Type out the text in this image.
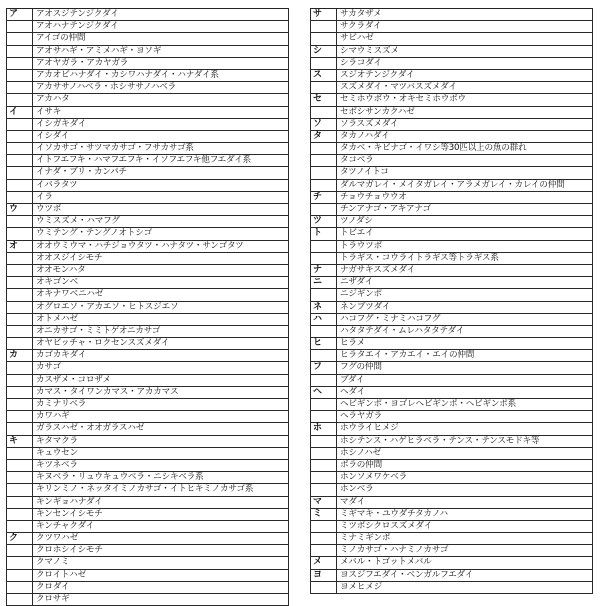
ア	アオスジテンジクダイ
アオハナテンジクダイ
アイゴの仲間
アオサハギ・アミメハギ・ヨソギ
アオヤガラ・アカヤガラ
アカオビハナダイ・カシワハナダイ・ハナダイ系
アカササノハベラ・ホシササノハベラ
アカハタ
イ	イサキ
イシガキダイ
イシダイ
イソカサゴ・サツマカサゴ・フサカサゴ系
イトフエフキ・ハマフエフキ・イソフエフキ他フエダイ系
イナダ・ブリ・カンパチ
イバラタツ
イラ
ウ	ウツボ
ウミスズメ・ハマフグ
ウミテング・テングノオトシゴ
オ	オオウミウマ・ハチジョウタツ・ハナタツ・サンゴタツ
オオスジイシモチ
オオモンハタ
オキゴンベ
オキナワベニハゼ
オグロエソ・アカエソ・ヒトスジエソ
オトメハゼ
オニカサゴ・ミミトゲオニカサゴ
オヤビッチャ・ロクセンスズメダイ
カ	カゴカキダイ
カサゴ
カスザメ・コロザメ
カマス・タイワンカマス・アカカマス
カミナリベラ
カワハギ
ガラスハゼ・オオガラスハゼ
キ	キタマクラ
キュウセン
キツネベラ
キヌベラ・リュウキュウベラ・ニシキベラ系
キリンミノ・ネッタイミノカサゴ・イトヒキミノカサゴ系
キンギョハナダイ
キンセンイシモチ
キンチャクダイ
ク	クツワハゼ
クロホシイシモチ
クマノミ
クロイトハゼ
クロダイ
クロサギ
サ	サカタザメ
サクラダイ
サビハゼ
シ	シマウミスズメ
シラコダイ
ス	スジオテンジクダイ
スズメダイ・マツバスズメダイ
セ	セミホウボウ・オキセミホウボウ
セボシサンカクハゼ
ソ	ソラスズメダイ
タ	タカノハダイ
タカベ・キビナゴ・イワシ等30匹以上の魚の群れ
タコベラ
タツノイトコ
ダルマガレイ・メイタガレイ・アラメガレイ・カレイの仲間
チ	チョウチョウウオ
チンアナゴ・アキアナゴ
ツ	ツノダシ
ト	トビエイ
トラウツボ
トラギス・コウライトラギス等トラギス系
ナ	ナガサキスズメダイ
ニ	ニザダイ
ニジギンポ
ネ	ネンブツダイ
ハ	ハコフグ・ミナミハコフグ
ハタタテダイ・ムレハタタテダイ
ヒ	ヒラメ
ヒラタエイ・アカエイ・エイの仲間
フ	フグの仲間
ブダイ
ヘ	ヘダイ
ヘビギンポ・ヨゴレヘビギンポ・ヘビギンポ系
ヘラヤガラ
ホ	ホウライヒメジ
ホシテンス・ハゲヒラベラ・テンス・テンスモドキ等
ホシノハゼ
ボラの仲間
ホンソメワケベラ
ホンベラ
マ	マダイ
ミ	ミギマキ・ユウダチタカノハ
ミツボシクロスズメダイ
ミナミギンポ
ミノカサゴ・ハナミノカサゴ
メ	メバル・トゴットメバル
ヨ	ヨスジフエダイ・ベンガルフエダイ
ヨメヒメジ
